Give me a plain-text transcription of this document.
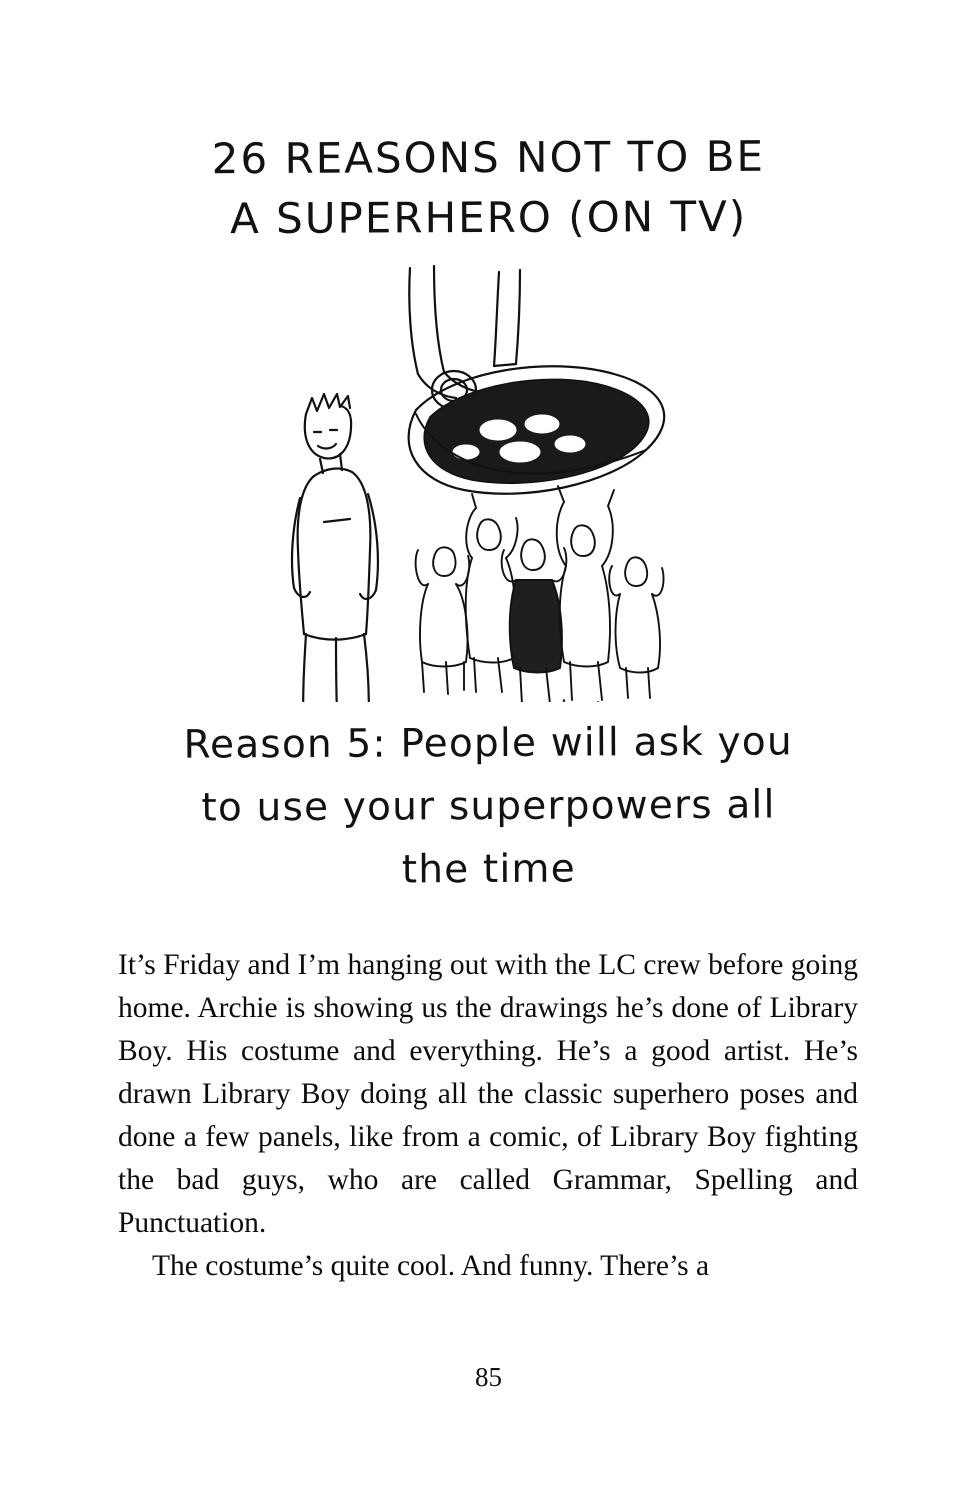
26 REASONS NOT TO BE
A SUPERHERO (ON TV)
Reason 5: People will ask you
to use your superpowers all
the time

It’s Friday and I’m hanging out with the LC crew before going home. Archie is showing us the drawings he’s done of Library Boy. His costume and everything. He’s a good artist. He’s drawn Library Boy doing all the classic superhero poses and done a few panels, like from a comic, of Library Boy fighting the bad guys, who are called Grammar, Spelling and Punctuation.

The costume’s quite cool. And funny. There’s a

85
